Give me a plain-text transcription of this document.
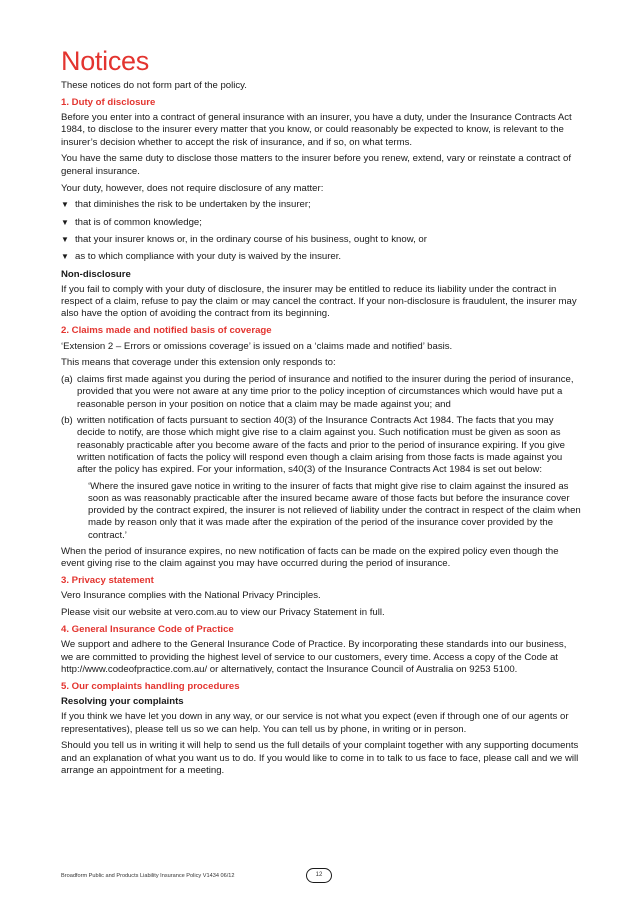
Notices

These notices do not form part of the policy.

1. Duty of disclosure

Before you enter into a contract of general insurance with an insurer, you have a duty, under the Insurance Contracts Act 1984, to disclose to the insurer every matter that you know, or could reasonably be expected to know, is relevant to the insurer’s decision whether to accept the risk of insurance, and if so, on what terms.

You have the same duty to disclose those matters to the insurer before you renew, extend, vary or reinstate a contract of general insurance.

Your duty, however, does not require disclosure of any matter:

▼ that diminishes the risk to be undertaken by the insurer;
▼ that is of common knowledge;
▼ that your insurer knows or, in the ordinary course of his business, ought to know, or
▼ as to which compliance with your duty is waived by the insurer.
Non-disclosure

If you fail to comply with your duty of disclosure, the insurer may be entitled to reduce its liability under the contract in respect of a claim, refuse to pay the claim or may cancel the contract. If your non-disclosure is fraudulent, the insurer may also have the option of avoiding the contract from its beginning.

2. Claims made and notified basis of coverage

‘Extension 2 – Errors or omissions coverage’ is issued on a ‘claims made and notified’ basis.

This means that coverage under this extension only responds to:

(a) claims first made against you during the period of insurance and notified to the insurer during the period of insurance, provided that you were not aware at any time prior to the policy inception of circumstances which would have put a reasonable person in your position on notice that a claim may be made against you; and
(b) written notification of facts pursuant to section 40(3) of the Insurance Contracts Act 1984. The facts that you may decide to notify, are those which might give rise to a claim against you. Such notification must be given as soon as reasonably practicable after you become aware of the facts and prior to the period of insurance expiring. If you give written notification of facts the policy will respond even though a claim arising from those facts is made against you after the policy has expired. For your information, s40(3) of the Insurance Contracts Act 1984 is set out below:

‘Where the insured gave notice in writing to the insurer of facts that might give rise to claim against the insured as soon as was reasonably practicable after the insured became aware of those facts but before the insurance cover provided by the contract expired, the insurer is not relieved of liability under the contract in respect of the claim when made by reason only that it was made after the expiration of the period of the insurance cover provided by the contract.’

When the period of insurance expires, no new notification of facts can be made on the expired policy even though the event giving rise to the claim against you may have occurred during the period of insurance.

3. Privacy statement

Vero Insurance complies with the National Privacy Principles.

Please visit our website at vero.com.au to view our Privacy Statement in full.

4. General Insurance Code of Practice

We support and adhere to the General Insurance Code of Practice. By incorporating these standards into our business, we are committed to providing the highest level of service to our customers, every time. Access a copy of the Code at http://www.codeofpractice.com.au/ or alternatively, contact the Insurance Council of Australia on 9253 5100.

5. Our complaints handling procedures
Resolving your complaints

If you think we have let you down in any way, or our service is not what you expect (even if through one of our agents or representatives), please tell us so we can help. You can tell us by phone, in writing or in person.

Should you tell us in writing it will help to send us the full details of your complaint together with any supporting documents and an explanation of what you want us to do. If you would like to come in to talk to us face to face, please call and we will arrange an appointment for a meeting.

Broadform Public and Products Liability Insurance Policy V1434 06/12	12
